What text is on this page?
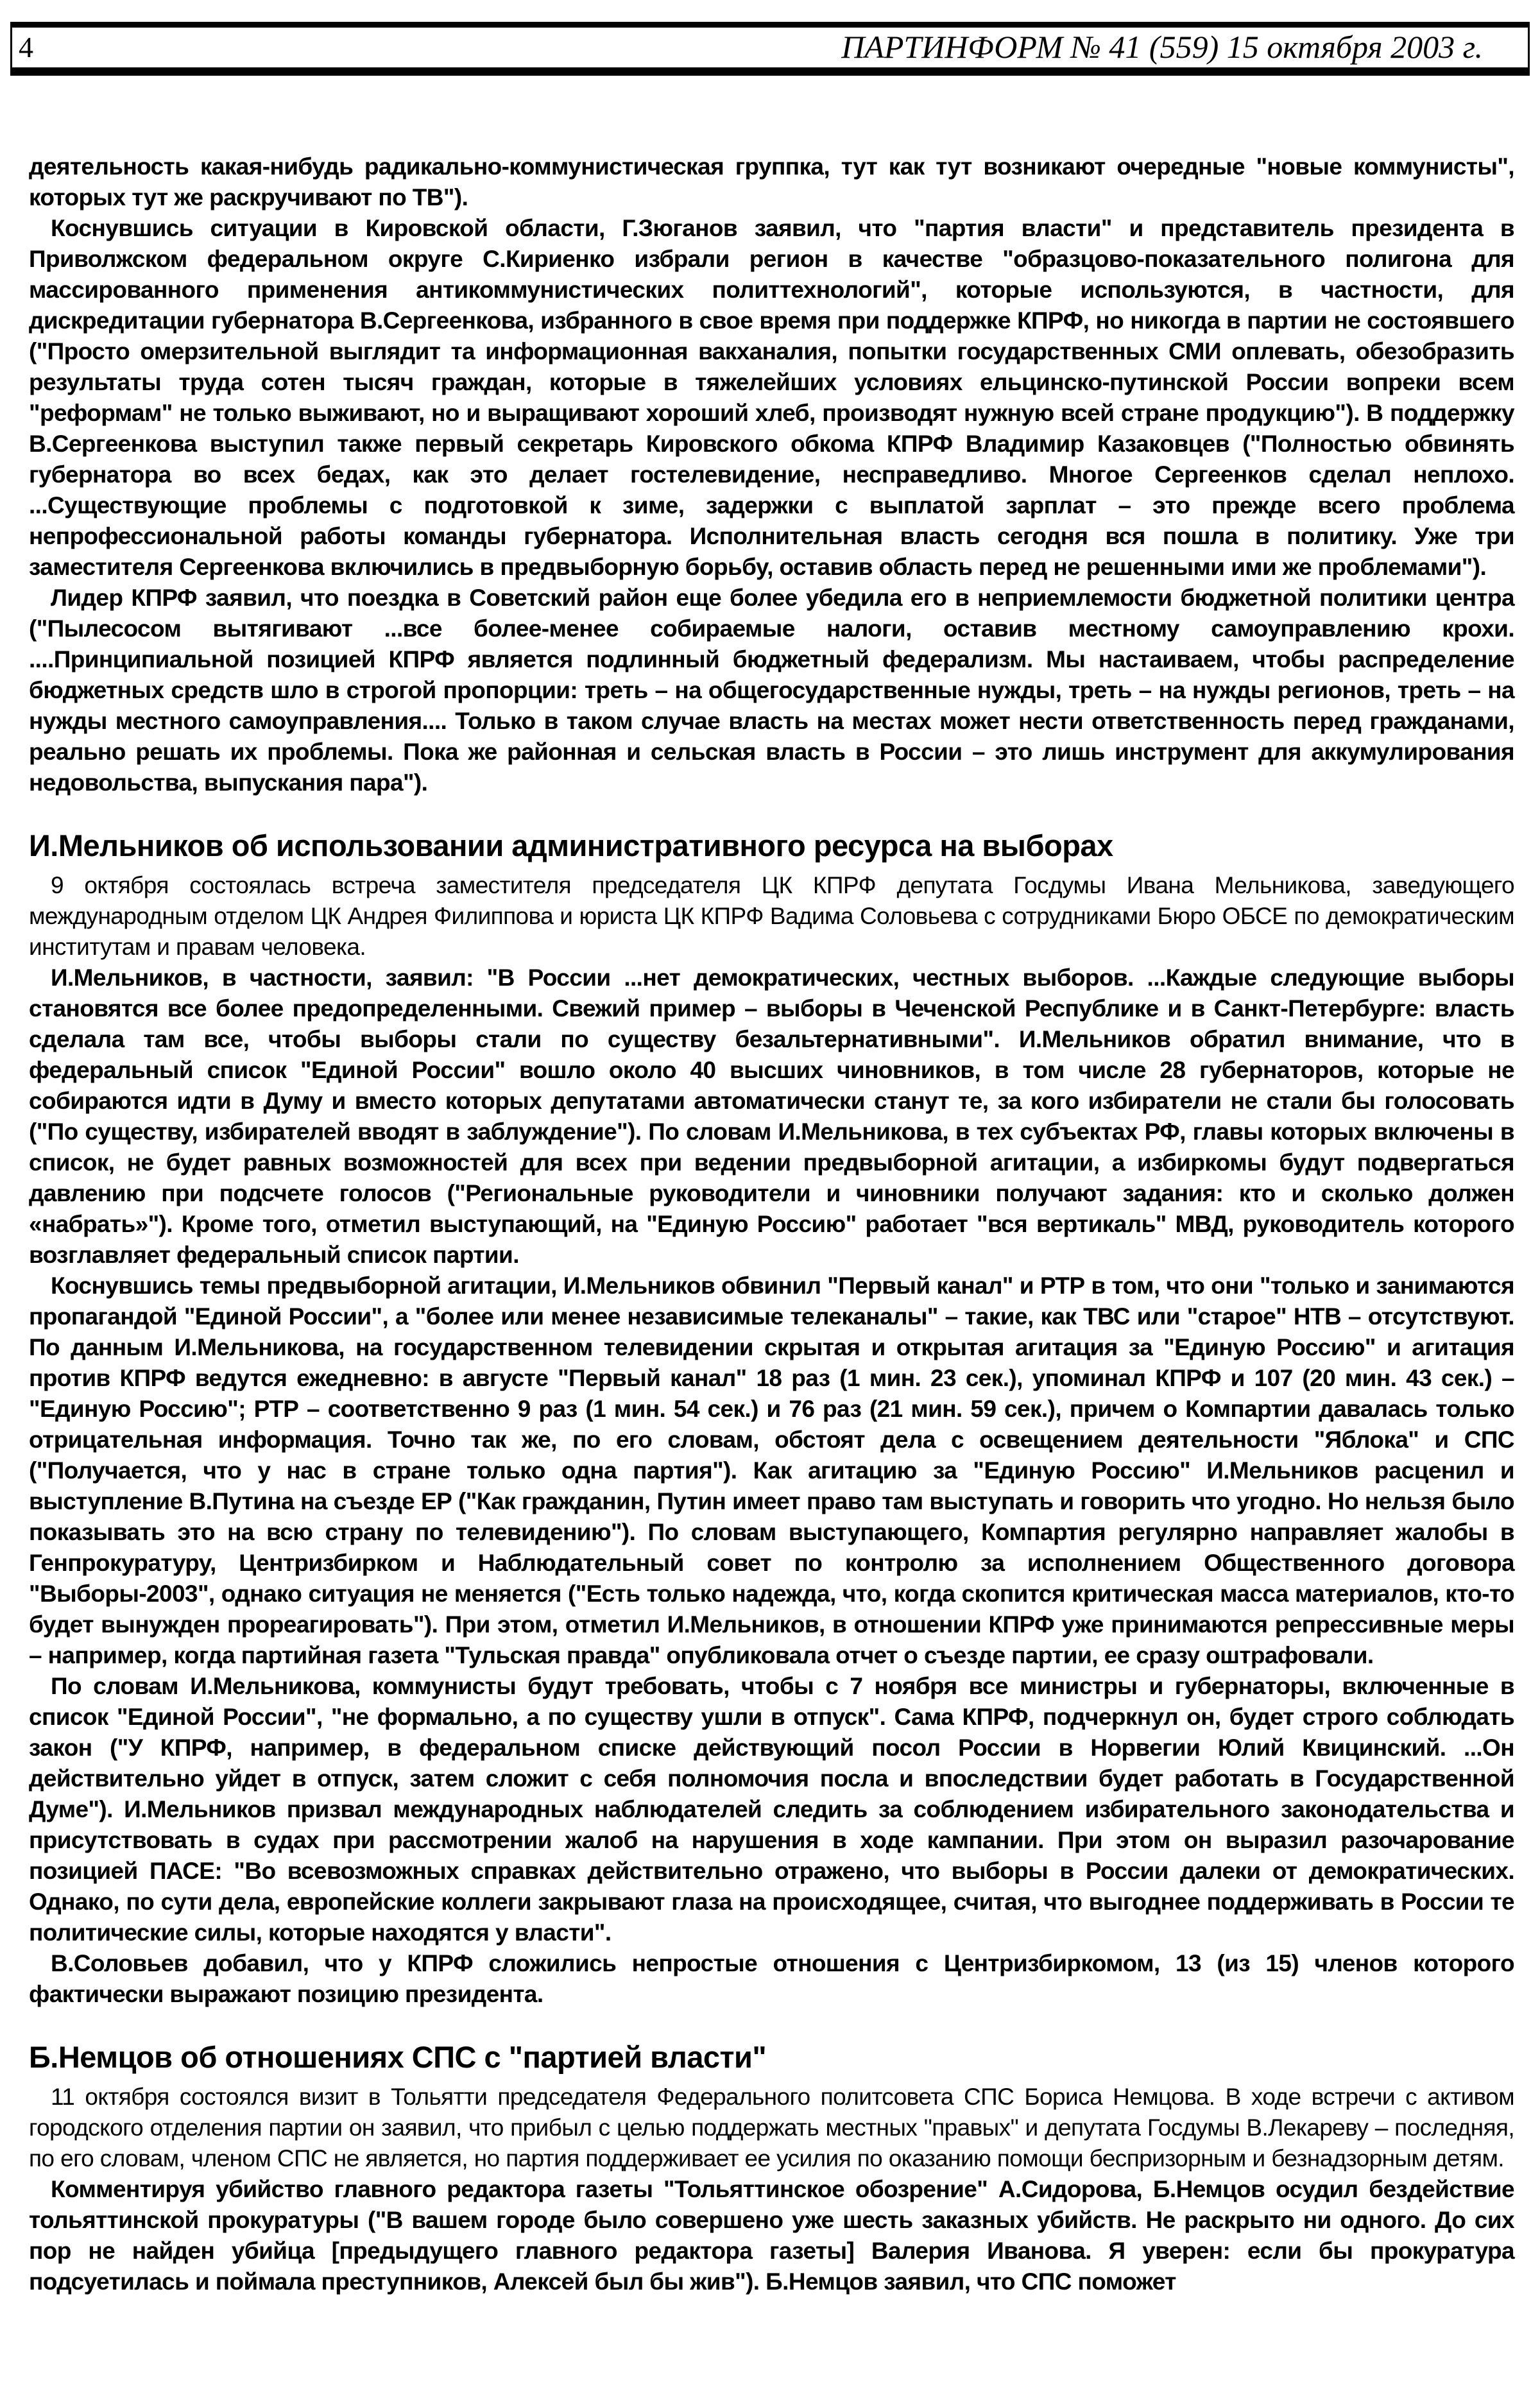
4	ПАРТИНФОРМ № 41 (559) 15 октября 2003 г.

деятельность какая-нибудь радикально-коммунистическая группка, тут как тут возникают очередные "новые коммунисты", которых тут же раскручивают по ТВ").

Коснувшись ситуации в Кировской области, Г.Зюганов заявил, что "партия власти" и представитель президента в Приволжском федеральном округе С.Кириенко избрали регион в качестве "образцово-показательного полигона для массированного применения антикоммунистических политтехнологий", которые используются, в частности, для дискредитации губернатора В.Сергеенкова, избранного в свое время при поддержке КПРФ, но никогда в партии не состоявшего ("Просто омерзительной выглядит та информационная вакханалия, попытки государственных СМИ оплевать, обезобразить результаты труда сотен тысяч граждан, которые в тяжелейших условиях ельцинско-путинской России вопреки всем "реформам" не только выживают, но и выращивают хороший хлеб, производят нужную всей стране продукцию"). В поддержку В.Сергеенкова выступил также первый секретарь Кировского обкома КПРФ Владимир Казаковцев ("Полностью обвинять губернатора во всех бедах, как это делает гостелевидение, несправедливо. Многое Сергеенков сделал неплохо. ...Существующие проблемы с подготовкой к зиме, задержки с выплатой зарплат – это прежде всего проблема непрофессиональной работы команды губернатора. Исполнительная власть сегодня вся пошла в политику. Уже три заместителя Сергеенкова включились в предвыборную борьбу, оставив область перед не решенными ими же проблемами").

Лидер КПРФ заявил, что поездка в Советский район еще более убедила его в неприемлемости бюджетной политики центра ("Пылесосом вытягивают ...все более-менее собираемые налоги, оставив местному самоуправлению крохи. ....Принципиальной позицией КПРФ является подлинный бюджетный федерализм. Мы настаиваем, чтобы распределение бюджетных средств шло в строгой пропорции: треть – на общегосударственные нужды, треть – на нужды регионов, треть – на нужды местного самоуправления.... Только в таком случае власть на местах может нести ответственность перед гражданами, реально решать их проблемы. Пока же районная и сельская власть в России – это лишь инструмент для аккумулирования недовольства, выпускания пара").

И.Мельников об использовании административного ресурса на выборах

9 октября состоялась встреча заместителя председателя ЦК КПРФ депутата Госдумы Ивана Мельникова, заведующего международным отделом ЦК Андрея Филиппова и юриста ЦК КПРФ Вадима Соловьева с сотрудниками Бюро ОБСЕ по демократическим институтам и правам человека.

И.Мельников, в частности, заявил: "В России ...нет демократических, честных выборов. ...Каждые следующие выборы становятся все более предопределенными. Свежий пример – выборы в Чеченской Республике и в Санкт-Петербурге: власть сделала там все, чтобы выборы стали по существу безальтернативными". И.Мельников обратил внимание, что в федеральный список "Единой России" вошло около 40 высших чиновников, в том числе 28 губернаторов, которые не собираются идти в Думу и вместо которых депутатами автоматически станут те, за кого избиратели не стали бы голосовать ("По существу, избирателей вводят в заблуждение"). По словам И.Мельникова, в тех субъектах РФ, главы которых включены в список, не будет равных возможностей для всех при ведении предвыборной агитации, а избиркомы будут подвергаться давлению при подсчете голосов ("Региональные руководители и чиновники получают задания: кто и сколько должен «набрать»"). Кроме того, отметил выступающий, на "Единую Россию" работает "вся вертикаль" МВД, руководитель которого возглавляет федеральный список партии.

Коснувшись темы предвыборной агитации, И.Мельников обвинил "Первый канал" и РТР в том, что они "только и занимаются пропагандой "Единой России", а "более или менее независимые телеканалы" – такие, как ТВС или "старое" НТВ – отсутствуют. По данным И.Мельникова, на государственном телевидении скрытая и открытая агитация за "Единую Россию" и агитация против КПРФ ведутся ежедневно: в августе "Первый канал" 18 раз (1 мин. 23 сек.), упоминал КПРФ и 107 (20 мин. 43 сек.) – "Единую Россию"; РТР – соответственно 9 раз (1 мин. 54 сек.) и 76 раз (21 мин. 59 сек.), причем о Компартии давалась только отрицательная информация. Точно так же, по его словам, обстоят дела с освещением деятельности "Яблока" и СПС ("Получается, что у нас в стране только одна партия"). Как агитацию за "Единую Россию" И.Мельников расценил и выступление В.Путина на съезде ЕР ("Как гражданин, Путин имеет право там выступать и говорить что угодно. Но нельзя было показывать это на всю страну по телевидению"). По словам выступающего, Компартия регулярно направляет жалобы в Генпрокуратуру, Центризбирком и Наблюдательный совет по контролю за исполнением Общественного договора "Выборы-2003", однако ситуация не меняется ("Есть только надежда, что, когда скопится критическая масса материалов, кто-то будет вынужден прореагировать"). При этом, отметил И.Мельников, в отношении КПРФ уже принимаются репрессивные меры – например, когда партийная газета "Тульская правда" опубликовала отчет о съезде партии, ее сразу оштрафовали.

По словам И.Мельникова, коммунисты будут требовать, чтобы с 7 ноября все министры и губернаторы, включенные в список "Единой России", "не формально, а по существу ушли в отпуск". Сама КПРФ, подчеркнул он, будет строго соблюдать закон ("У КПРФ, например, в федеральном списке действующий посол России в Норвегии Юлий Квицинский. ...Он действительно уйдет в отпуск, затем сложит с себя полномочия посла и впоследствии будет работать в Государственной Думе"). И.Мельников призвал международных наблюдателей следить за соблюдением избирательного законодательства и присутствовать в судах при рассмотрении жалоб на нарушения в ходе кампании. При этом он выразил разочарование позицией ПАСЕ: "Во всевозможных справках действительно отражено, что выборы в России далеки от демократических. Однако, по сути дела, европейские коллеги закрывают глаза на происходящее, считая, что выгоднее поддерживать в России те политические силы, которые находятся у власти".

В.Соловьев добавил, что у КПРФ сложились непростые отношения с Центризбиркомом, 13 (из 15) членов которого фактически выражают позицию президента.

Б.Немцов об отношениях СПС с "партией власти"

11 октября состоялся визит в Тольятти председателя Федерального политсовета СПС Бориса Немцова. В ходе встречи с активом городского отделения партии он заявил, что прибыл с целью поддержать местных "правых" и депутата Госдумы В.Лекареву – последняя, по его словам, членом СПС не является, но партия поддерживает ее усилия по оказанию помощи беспризорным и безнадзорным детям.

Комментируя убийство главного редактора газеты "Тольяттинское обозрение" А.Сидорова, Б.Немцов осудил бездействие тольяттинской прокуратуры ("В вашем городе было совершено уже шесть заказных убийств. Не раскрыто ни одного. До сих пор не найден убийца [предыдущего главного редактора газеты] Валерия Иванова. Я уверен: если бы прокуратура подсуетилась и поймала преступников, Алексей был бы жив"). Б.Немцов заявил, что СПС поможет
